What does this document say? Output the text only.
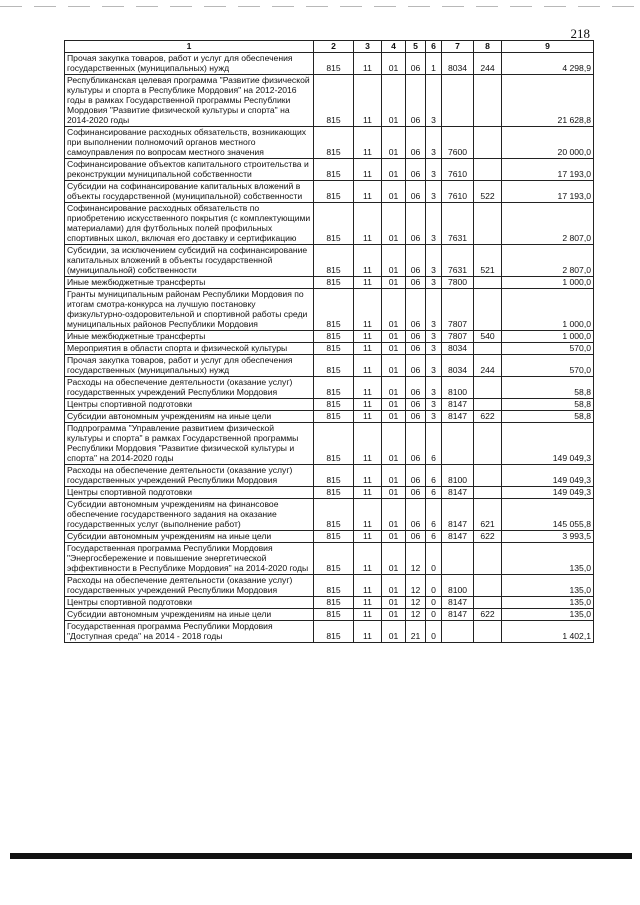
218
1	2	3	4	5	6	7	8	9
Прочая закупка товаров, работ и услуг для обеспечения государственных (муниципальных) нужд	815	11	01	06	1	8034	244	4 298,9
Республиканская целевая программа "Развитие физической культуры и спорта в Республике Мордовия" на 2012-2016 годы в рамках Государственной программы Республики Мордовия "Развитие физической культуры и спорта" на 2014-2020 годы	815	11	01	06	3			21 628,8
Софинансирование расходных обязательств, возникающих при выполнении полномочий органов местного самоуправления по вопросам местного значения	815	11	01	06	3	7600		20 000,0
Софинансирование объектов капитального строительства и реконструкции муниципальной собственности	815	11	01	06	3	7610		17 193,0
Субсидии на софинансирование капитальных вложений в объекты государственной (муниципальной) собственности	815	11	01	06	3	7610	522	17 193,0
Софинансирование расходных обязательств по приобретению искусственного покрытия (с комплектующими материалами) для футбольных полей профильных спортивных школ, включая его доставку и сертификацию	815	11	01	06	3	7631		2 807,0
Субсидии, за исключением субсидий на софинансирование капитальных вложений в объекты государственной (муниципальной) собственности	815	11	01	06	3	7631	521	2 807,0
Иные межбюджетные трансферты	815	11	01	06	3	7800		1 000,0
Гранты муниципальным районам Республики Мордовия по итогам смотра-конкурса на лучшую постановку физкультурно-оздоровительной и спортивной работы среди муниципальных районов Республики Мордовия	815	11	01	06	3	7807		1 000,0
Иные межбюджетные трансферты	815	11	01	06	3	7807	540	1 000,0
Мероприятия в области спорта и физической культуры	815	11	01	06	3	8034		570,0
Прочая закупка товаров, работ и услуг для обеспечения государственных (муниципальных) нужд	815	11	01	06	3	8034	244	570,0
Расходы на обеспечение деятельности (оказание услуг) государственных учреждений Республики Мордовия	815	11	01	06	3	8100		58,8
Центры спортивной подготовки	815	11	01	06	3	8147		58,8
Субсидии автономным учреждениям на иные цели	815	11	01	06	3	8147	622	58,8
Подпрограмма "Управление развитием физической культуры и спорта" в рамках Государственной программы Республики Мордовия "Развитие физической культуры и спорта" на 2014-2020 годы	815	11	01	06	6			149 049,3
Расходы на обеспечение деятельности (оказание услуг) государственных учреждений Республики Мордовия	815	11	01	06	6	8100		149 049,3
Центры спортивной подготовки	815	11	01	06	6	8147		149 049,3
Субсидии автономным учреждениям на финансовое обеспечение государственного задания на оказание государственных услуг (выполнение работ)	815	11	01	06	6	8147	621	145 055,8
Субсидии автономным учреждениям на иные цели	815	11	01	06	6	8147	622	3 993,5
Государственная программа Республики Мордовия "Энергосбережение и повышение энергетической эффективности в Республике Мордовия" на 2014-2020 годы	815	11	01	12	0			135,0
Расходы на обеспечение деятельности (оказание услуг) государственных учреждений Республики Мордовия	815	11	01	12	0	8100		135,0
Центры спортивной подготовки	815	11	01	12	0	8147		135,0
Субсидии автономным учреждениям на иные цели	815	11	01	12	0	8147	622	135,0
Государственная программа Республики Мордовия "Доступная среда" на 2014 - 2018 годы	815	11	01	21	0			1 402,1
